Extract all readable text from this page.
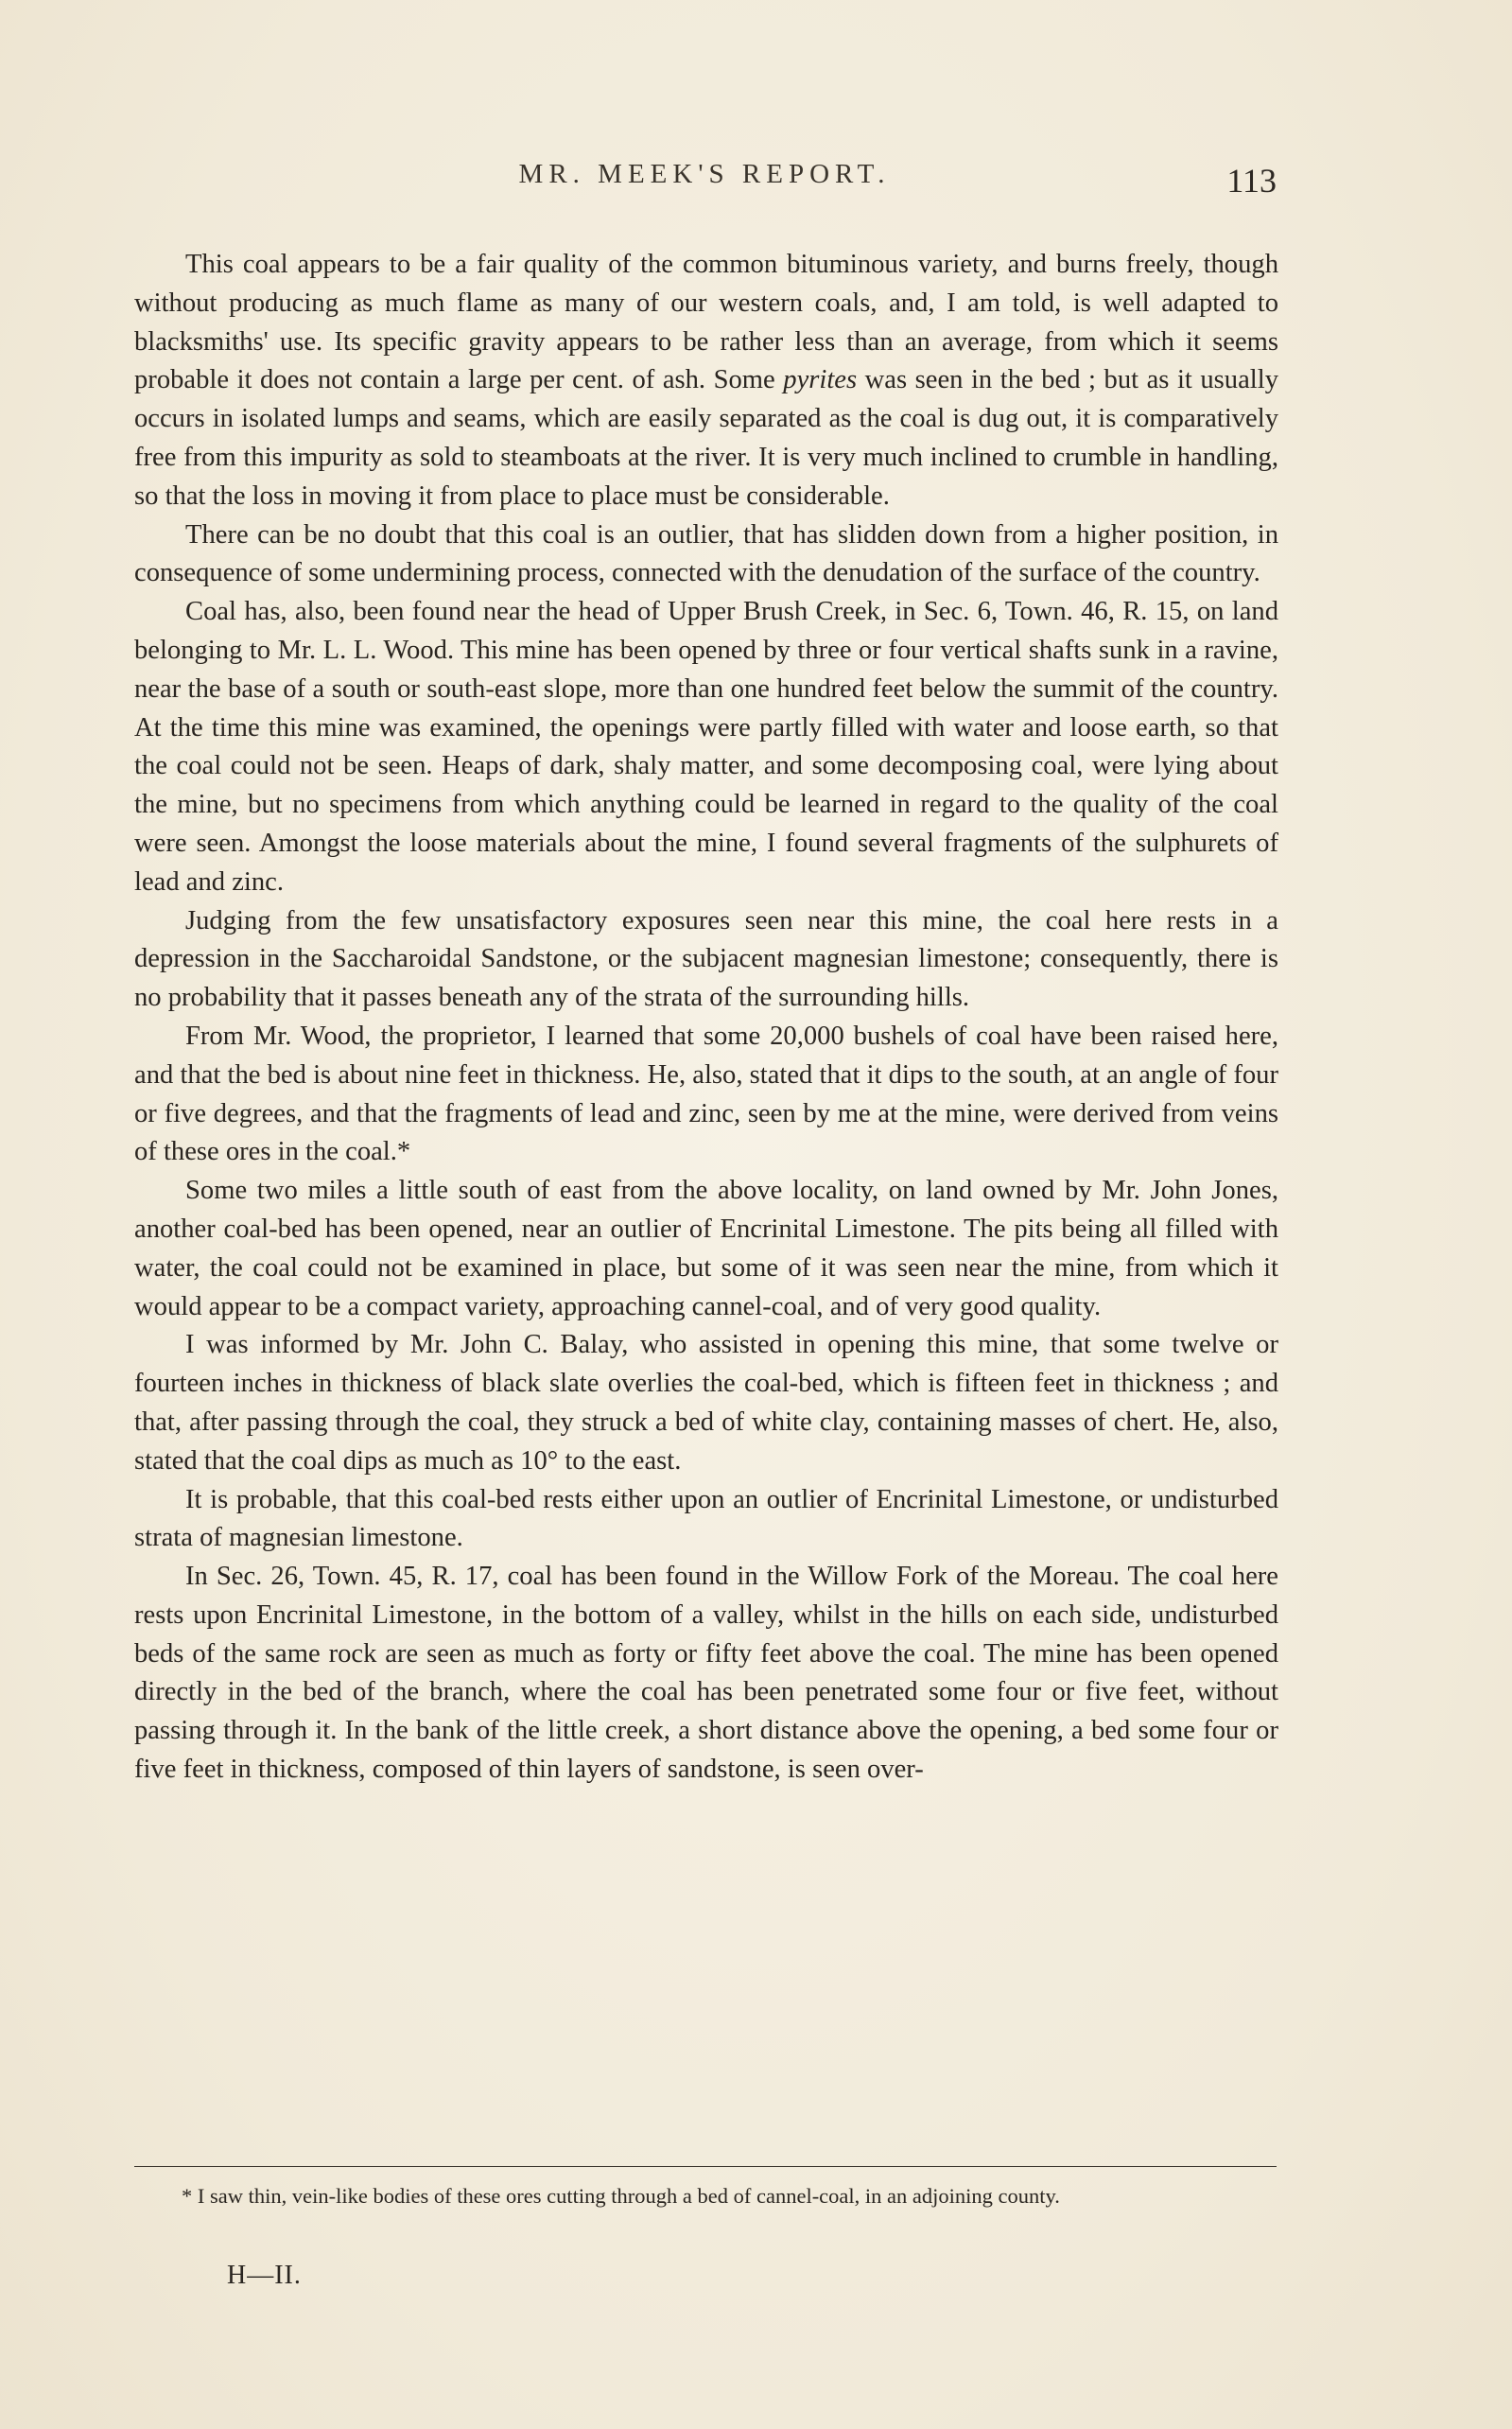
MR. MEEK'S REPORT.	113

This coal appears to be a fair quality of the common bituminous variety, and burns freely, though without producing as much flame as many of our western coals, and, I am told, is well adapted to blacksmiths' use. Its specific gravity appears to be rather less than an average, from which it seems probable it does not contain a large per cent. of ash. Some pyrites was seen in the bed ; but as it usually occurs in isolated lumps and seams, which are easily separated as the coal is dug out, it is comparatively free from this impurity as sold to steamboats at the river. It is very much inclined to crumble in handling, so that the loss in moving it from place to place must be considerable.

There can be no doubt that this coal is an outlier, that has slidden down from a higher position, in consequence of some undermining process, connected with the denudation of the surface of the country.

Coal has, also, been found near the head of Upper Brush Creek, in Sec. 6, Town. 46, R. 15, on land belonging to Mr. L. L. Wood. This mine has been opened by three or four vertical shafts sunk in a ravine, near the base of a south or south-east slope, more than one hundred feet below the summit of the country. At the time this mine was examined, the openings were partly filled with water and loose earth, so that the coal could not be seen. Heaps of dark, shaly matter, and some decomposing coal, were lying about the mine, but no specimens from which anything could be learned in regard to the quality of the coal were seen. Amongst the loose materials about the mine, I found several fragments of the sulphurets of lead and zinc.

Judging from the few unsatisfactory exposures seen near this mine, the coal here rests in a depression in the Saccharoidal Sandstone, or the subjacent magnesian limestone; consequently, there is no probability that it passes beneath any of the strata of the surrounding hills.

From Mr. Wood, the proprietor, I learned that some 20,000 bushels of coal have been raised here, and that the bed is about nine feet in thickness. He, also, stated that it dips to the south, at an angle of four or five degrees, and that the fragments of lead and zinc, seen by me at the mine, were derived from veins of these ores in the coal.*

Some two miles a little south of east from the above locality, on land owned by Mr. John Jones, another coal-bed has been opened, near an outlier of Encrinital Limestone. The pits being all filled with water, the coal could not be examined in place, but some of it was seen near the mine, from which it would appear to be a compact variety, approaching cannel-coal, and of very good quality.

I was informed by Mr. John C. Balay, who assisted in opening this mine, that some twelve or fourteen inches in thickness of black slate overlies the coal-bed, which is fifteen feet in thickness ; and that, after passing through the coal, they struck a bed of white clay, containing masses of chert. He, also, stated that the coal dips as much as 10° to the east.

It is probable, that this coal-bed rests either upon an outlier of Encrinital Limestone, or undisturbed strata of magnesian limestone.

In Sec. 26, Town. 45, R. 17, coal has been found in the Willow Fork of the Moreau. The coal here rests upon Encrinital Limestone, in the bottom of a valley, whilst in the hills on each side, undisturbed beds of the same rock are seen as much as forty or fifty feet above the coal. The mine has been opened directly in the bed of the branch, where the coal has been penetrated some four or five feet, without passing through it. In the bank of the little creek, a short distance above the opening, a bed some four or five feet in thickness, composed of thin layers of sandstone, is seen over-

* I saw thin, vein-like bodies of these ores cutting through a bed of cannel-coal, in an adjoining county.
H—II.
